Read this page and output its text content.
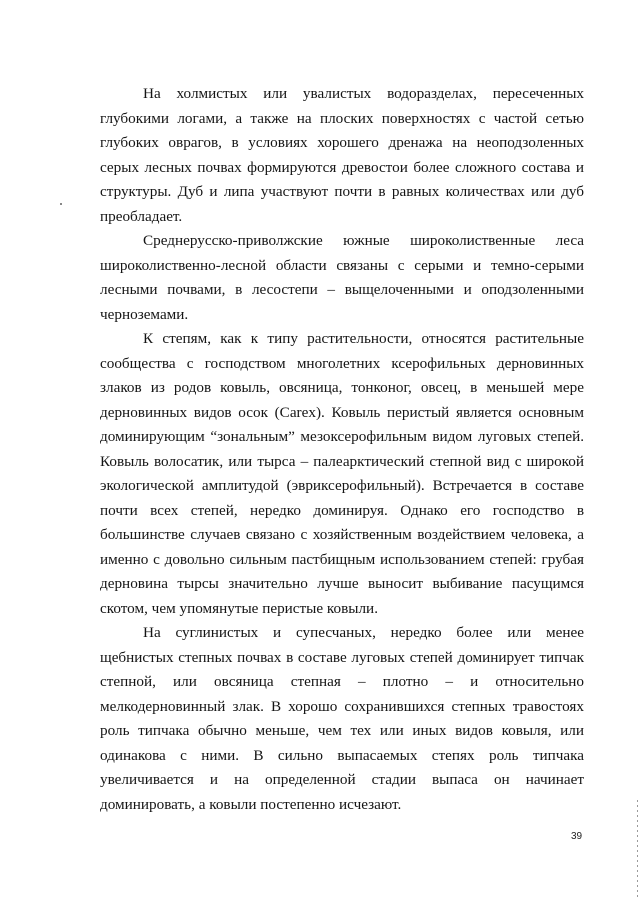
На холмистых или увалистых водоразделах, пересеченных глубокими логами, а также на плоских поверхностях с частой сетью глубоких оврагов, в условиях хорошего дренажа на неоподзоленных серых лесных почвах формируются древостои более сложного состава и структуры. Дуб и липа участвуют почти в равных количествах или дуб преобладает.

Среднерусско-приволжские южные широколиственные леса широколиственно-лесной области связаны с серыми и темно-серыми лесными почвами, в лесостепи – выщелоченными и оподзоленными черноземами.

К степям, как к типу растительности, относятся растительные сообщества с господством многолетних ксерофильных дерновинных злаков из родов ковыль, овсяница, тонконог, овсец, в меньшей мере дерновинных видов осок (Carex). Ковыль перистый является основным доминирующим “зональным” мезоксерофильным видом луговых степей. Ковыль волосатик, или тырса – палеарктический степной вид с широкой экологической амплитудой (эвриксерофильный). Встречается в составе почти всех степей, нередко доминируя. Однако его господство в большинстве случаев связано с хозяйственным воздействием человека, а именно с довольно сильным пастбищным использованием степей: грубая дерновина тырсы значительно лучше выносит выбивание пасущимся скотом, чем упомянутые перистые ковыли.

На суглинистых и супесчаных, нередко более или менее щебнистых степных почвах в составе луговых степей доминирует типчак степной, или овсяница степная – плотно – и относительно мелкодерновинный злак. В хорошо сохранившихся степных травостоях роль типчака обычно меньше, чем тех или иных видов ковыля, или одинакова с ними. В сильно выпасаемых степях роль типчака увеличивается и на определенной стадии выпаса он начинает доминировать, а ковыли постепенно исчезают.

39
